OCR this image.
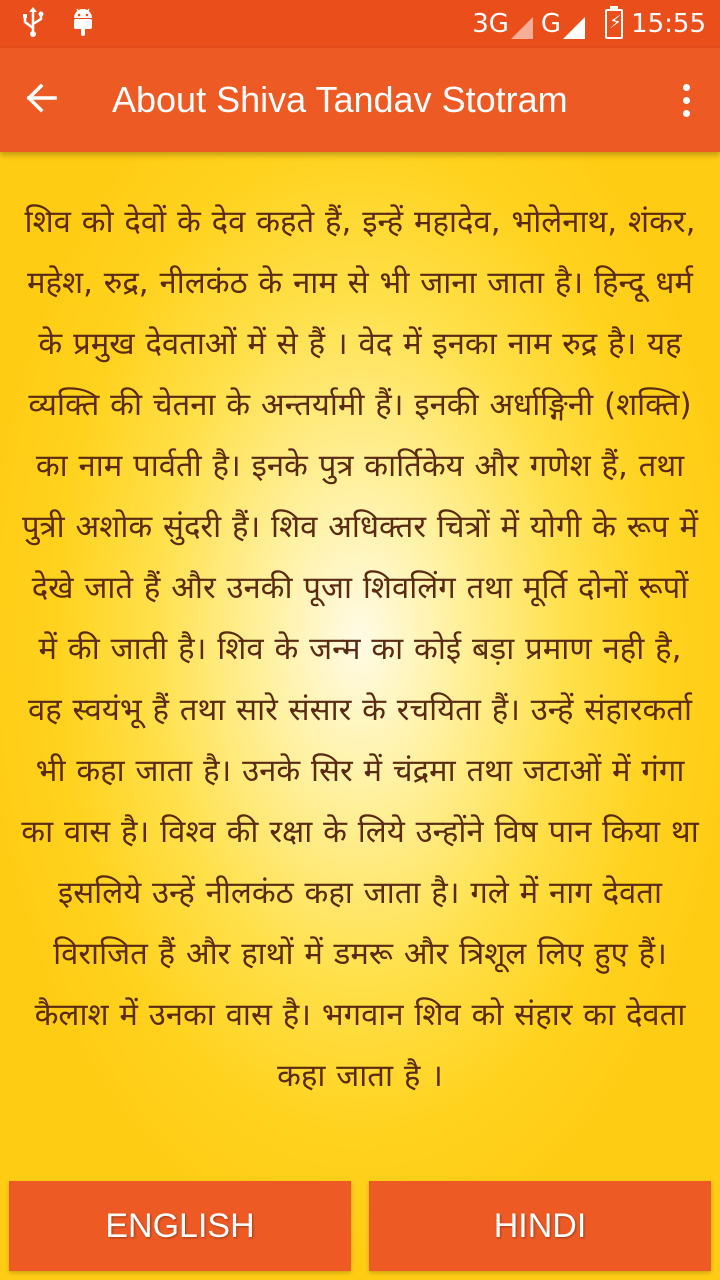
3G G	⚡ 15:55
About Shiva Tandav Stotram

शिव को देवों के देव कहते हैं, इन्हें महादेव, भोलेनाथ, शंकर, महेश, रुद्र, नीलकंठ के नाम से भी जाना जाता है। हिन्दू धर्म के प्रमुख देवताओं में से हैं । वेद में इनका नाम रुद्र है। यह व्यक्ति की चेतना के अन्तर्यामी हैं। इनकी अर्धाङ्गिनी (शक्ति) का नाम पार्वती है। इनके पुत्र कार्तिकेय और गणेश हैं, तथा पुत्री अशोक सुंदरी हैं। शिव अधिक्तर चित्रों में योगी के रूप में देखे जाते हैं और उनकी पूजा शिवलिंग तथा मूर्ति दोनों रूपों में की जाती है। शिव के जन्म का कोई बड़ा प्रमाण नही है, वह स्वयंभू हैं तथा सारे संसार के रचयिता हैं। उन्हें संहारकर्ता भी कहा जाता है। उनके सिर में चंद्रमा तथा जटाओं में गंगा का वास है। विश्व की रक्षा के लिये उन्होंने विष पान किया था इसलिये उन्हें नीलकंठ कहा जाता है। गले में नाग देवता विराजित हैं और हाथों में डमरू और त्रिशूल लिए हुए हैं। कैलाश में उनका वास है। भगवान शिव को संहार का देवता कहा जाता है ।

ENGLISH	HINDI
